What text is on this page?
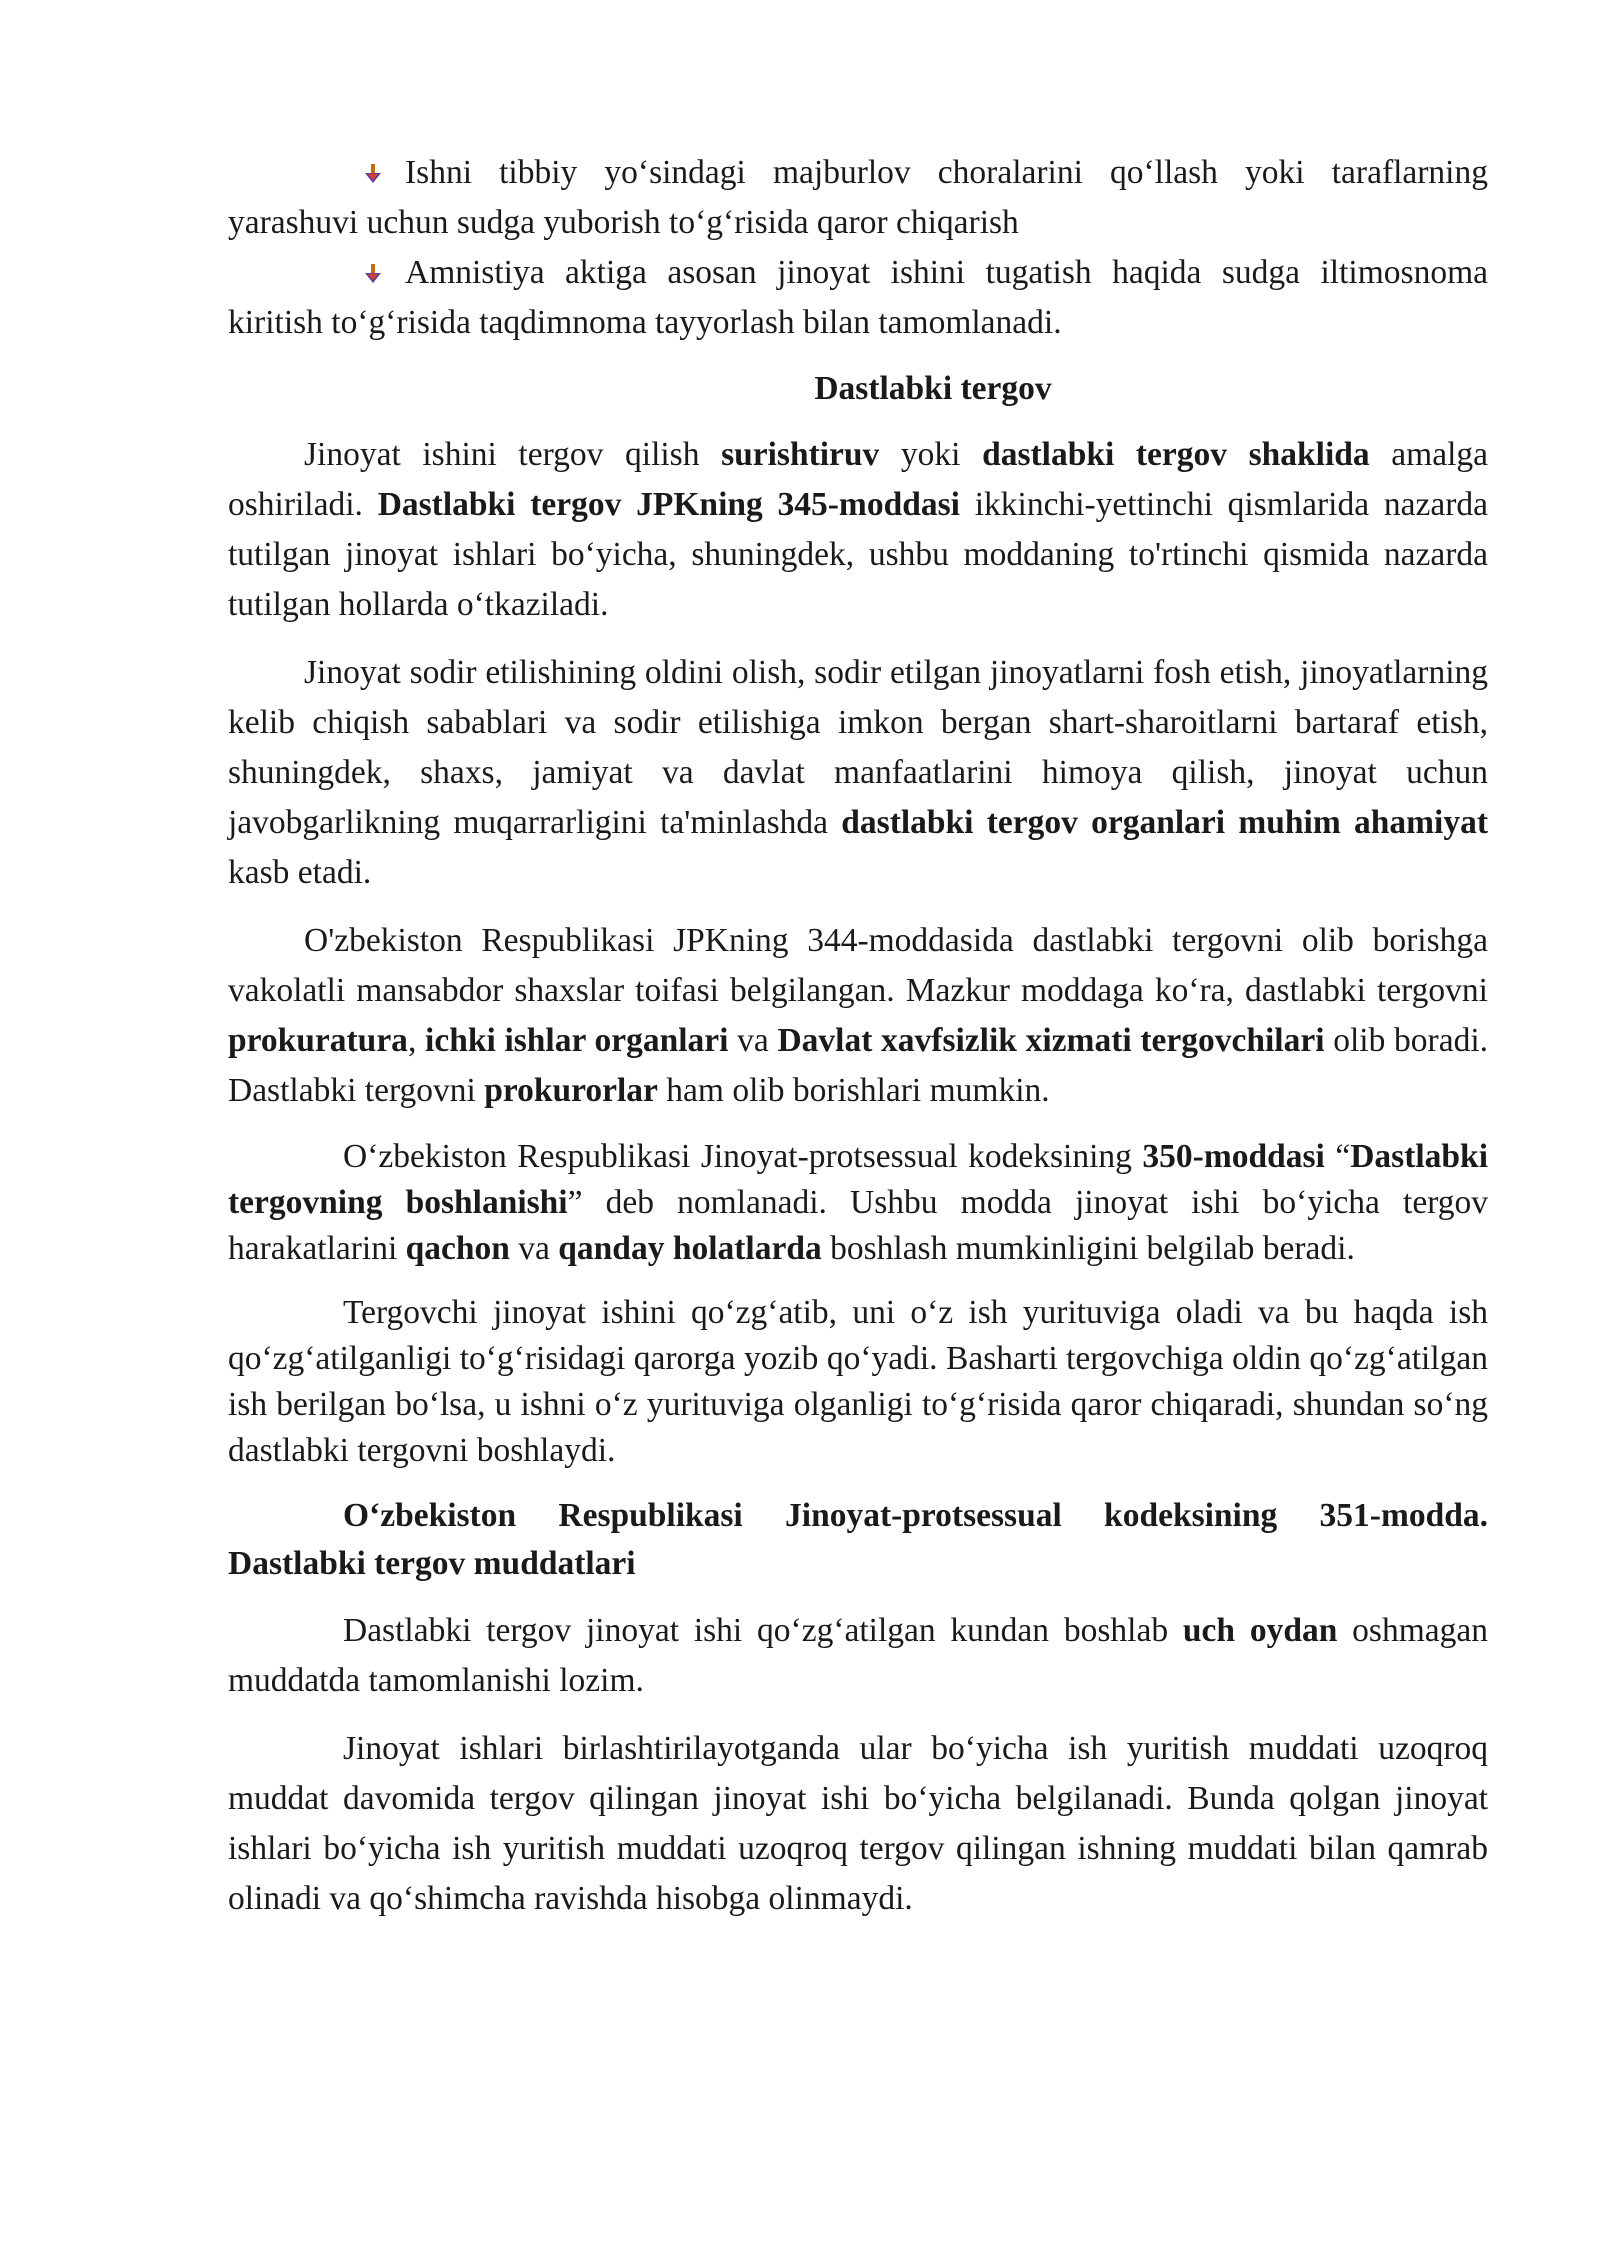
Ishni tibbiy yo‘sindagi majburlov choralarini qo‘llash yoki taraflarning yarashuvi uchun sudga yuborish to‘g‘risida qaror chiqarish

Amnistiya aktiga asosan jinoyat ishini tugatish haqida sudga iltimosnoma kiritish to‘g‘risida taqdimnoma tayyorlash bilan tamomlanadi.

Dastlabki tergov

Jinoyat ishini tergov qilish surishtiruv yoki dastlabki tergov shaklida amalga oshiriladi. Dastlabki tergov JPKning 345-moddasi ikkinchi-yettinchi qismlarida nazarda tutilgan jinoyat ishlari bo‘yicha, shuningdek, ushbu moddaning to'rtinchi qismida nazarda tutilgan hollarda o‘tkaziladi.

Jinoyat sodir etilishining oldini olish, sodir etilgan jinoyatlarni fosh etish, jinoyatlarning kelib chiqish sabablari va sodir etilishiga imkon bergan shart-sharoitlarni bartaraf etish, shuningdek, shaxs, jamiyat va davlat manfaatlarini himoya qilish, jinoyat uchun javobgarlikning muqarrarligini ta'minlashda dastlabki tergov organlari muhim ahamiyat kasb etadi.

O'zbekiston Respublikasi JPKning 344-moddasida dastlabki tergovni olib borishga vakolatli mansabdor shaxslar toifasi belgilangan. Mazkur moddaga ko‘ra, dastlabki tergovni prokuratura, ichki ishlar organlari va Davlat xavfsizlik xizmati tergovchilari olib boradi. Dastlabki tergovni prokurorlar ham olib borishlari mumkin.

O‘zbekiston Respublikasi Jinoyat-protsessual kodeksining 350-moddasi “Dastlabki tergovning boshlanishi” deb nomlanadi. Ushbu modda jinoyat ishi bo‘yicha tergov harakatlarini qachon va qanday holatlarda boshlash mumkinligini belgilab beradi.

Tergovchi jinoyat ishini qo‘zg‘atib, uni o‘z ish yurituviga oladi va bu haqda ish qo‘zg‘atilganligi to‘g‘risidagi qarorga yozib qo‘yadi. Basharti tergovchiga oldin qo‘zg‘atilgan ish berilgan bo‘lsa, u ishni o‘z yurituviga olganligi to‘g‘risida qaror chiqaradi, shundan so‘ng dastlabki tergovni boshlaydi.

O‘zbekiston Respublikasi Jinoyat-protsessual kodeksining 351-modda. Dastlabki tergov muddatlari

Dastlabki tergov jinoyat ishi qo‘zg‘atilgan kundan boshlab uch oydan oshmagan muddatda tamomlanishi lozim.

Jinoyat ishlari birlashtirilayotganda ular bo‘yicha ish yuritish muddati uzoqroq muddat davomida tergov qilingan jinoyat ishi bo‘yicha belgilanadi. Bunda qolgan jinoyat ishlari bo‘yicha ish yuritish muddati uzoqroq tergov qilingan ishning muddati bilan qamrab olinadi va qo‘shimcha ravishda hisobga olinmaydi.
